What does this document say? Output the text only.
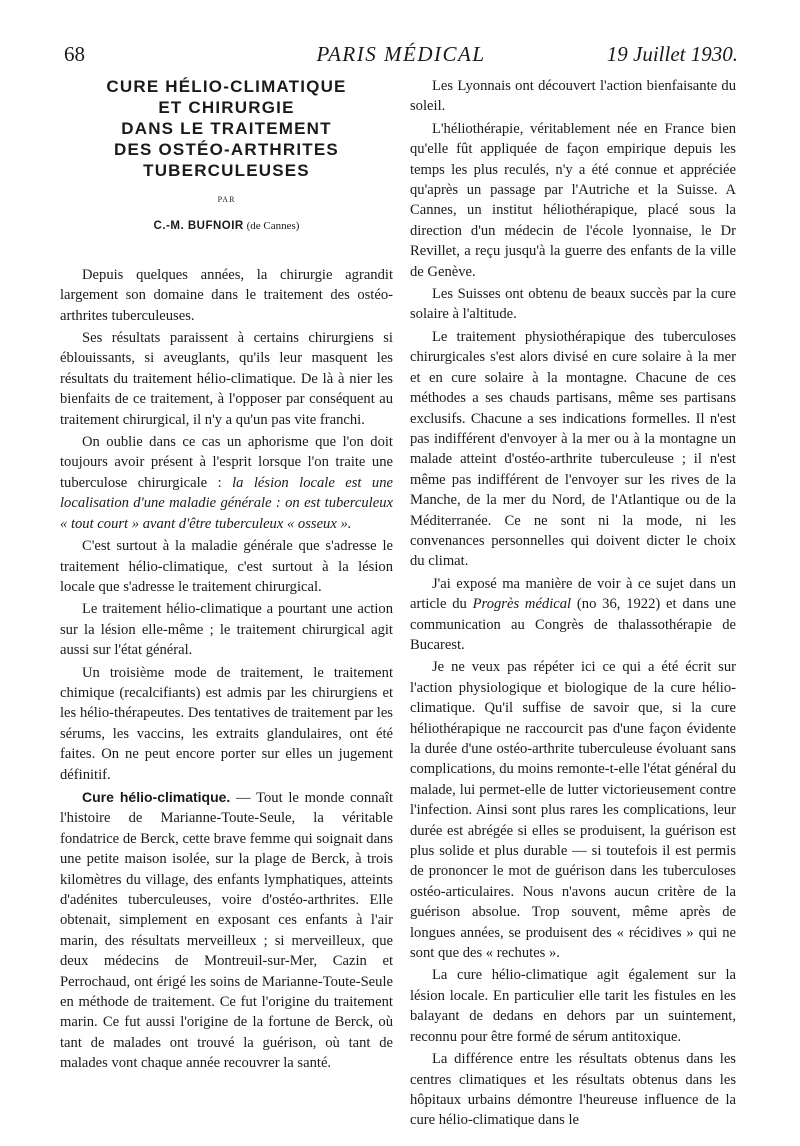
68	PARIS MÉDICAL	19 Juillet 1930.
CURE HÉLIO-CLIMATIQUE
ET CHIRURGIE
DANS LE TRAITEMENT
DES OSTÉO-ARTHRITES
TUBERCULEUSES
PAR
C.-M. BUFNOIR (de Cannes)

Depuis quelques années, la chirurgie agrandit largement son domaine dans le traitement des ostéo-arthrites tuberculeuses.

Ses résultats paraissent à certains chirurgiens si éblouissants, si aveuglants, qu'ils leur masquent les résultats du traitement hélio-climatique. De là à nier les bienfaits de ce traitement, à l'opposer par conséquent au traitement chirurgical, il n'y a qu'un pas vite franchi.

On oublie dans ce cas un aphorisme que l'on doit toujours avoir présent à l'esprit lorsque l'on traite une tuberculose chirurgicale : la lésion locale est une localisation d'une maladie générale : on est tuberculeux « tout court » avant d'être tuberculeux « osseux ».

C'est surtout à la maladie générale que s'adresse le traitement hélio-climatique, c'est surtout à la lésion locale que s'adresse le traitement chirurgical.

Le traitement hélio-climatique a pourtant une action sur la lésion elle-même ; le traitement chirurgical agit aussi sur l'état général.

Un troisième mode de traitement, le traitement chimique (recalcifiants) est admis par les chirurgiens et les hélio-thérapeutes. Des tentatives de traitement par les sérums, les vaccins, les extraits glandulaires, ont été faites. On ne peut encore porter sur elles un jugement définitif.

Cure hélio-climatique. — Tout le monde connaît l'histoire de Marianne-Toute-Seule, la véritable fondatrice de Berck, cette brave femme qui soignait dans une petite maison isolée, sur la plage de Berck, à trois kilomètres du village, des enfants lymphatiques, atteints d'adénites tuberculeuses, voire d'ostéo-arthrites. Elle obtenait, simplement en exposant ces enfants à l'air marin, des résultats merveilleux ; si merveilleux, que deux médecins de Montreuil-sur-Mer, Cazin et Perrochaud, ont érigé les soins de Marianne-Toute-Seule en méthode de traitement. Ce fut l'origine du traitement marin. Ce fut aussi l'origine de la fortune de Berck, où tant de malades ont trouvé la guérison, où tant de malades vont chaque année recouvrer la santé.

Les Lyonnais ont découvert l'action bienfaisante du soleil.

L'héliothérapie, véritablement née en France bien qu'elle fût appliquée de façon empirique depuis les temps les plus reculés, n'y a été connue et appréciée qu'après un passage par l'Autriche et la Suisse. A Cannes, un institut héliothérapique, placé sous la direction d'un médecin de l'école lyonnaise, le Dr Revillet, a reçu jusqu'à la guerre des enfants de la ville de Genève.

Les Suisses ont obtenu de beaux succès par la cure solaire à l'altitude.

Le traitement physiothérapique des tuberculoses chirurgicales s'est alors divisé en cure solaire à la mer et en cure solaire à la montagne. Chacune de ces méthodes a ses chauds partisans, même ses partisans exclusifs. Chacune a ses indications formelles. Il n'est pas indifférent d'envoyer à la mer ou à la montagne un malade atteint d'ostéo-arthrite tuberculeuse ; il n'est même pas indifférent de l'envoyer sur les rives de la Manche, de la mer du Nord, de l'Atlantique ou de la Méditerranée. Ce ne sont ni la mode, ni les convenances personnelles qui doivent dicter le choix du climat.

J'ai exposé ma manière de voir à ce sujet dans un article du Progrès médical (no 36, 1922) et dans une communication au Congrès de thalassothérapie de Bucarest.

Je ne veux pas répéter ici ce qui a été écrit sur l'action physiologique et biologique de la cure hélio-climatique. Qu'il suffise de savoir que, si la cure héliothérapique ne raccourcit pas d'une façon évidente la durée d'une ostéo-arthrite tuberculeuse évoluant sans complications, du moins remonte-t-elle l'état général du malade, lui permet-elle de lutter victorieusement contre l'infection. Ainsi sont plus rares les complications, leur durée est abrégée si elles se produisent, la guérison est plus solide et plus durable — si toutefois il est permis de prononcer le mot de guérison dans les tuberculoses ostéo-articulaires. Nous n'avons aucun critère de la guérison absolue. Trop souvent, même après de longues années, se produisent des « récidives » qui ne sont que des « rechutes ».

La cure hélio-climatique agit également sur la lésion locale. En particulier elle tarit les fistules en les balayant de dedans en dehors par un suintement, reconnu pour être formé de sérum antitoxique.

La différence entre les résultats obtenus dans les centres climatiques et les résultats obtenus dans les hôpitaux urbains démontre l'heureuse influence de la cure hélio-climatique dans le
